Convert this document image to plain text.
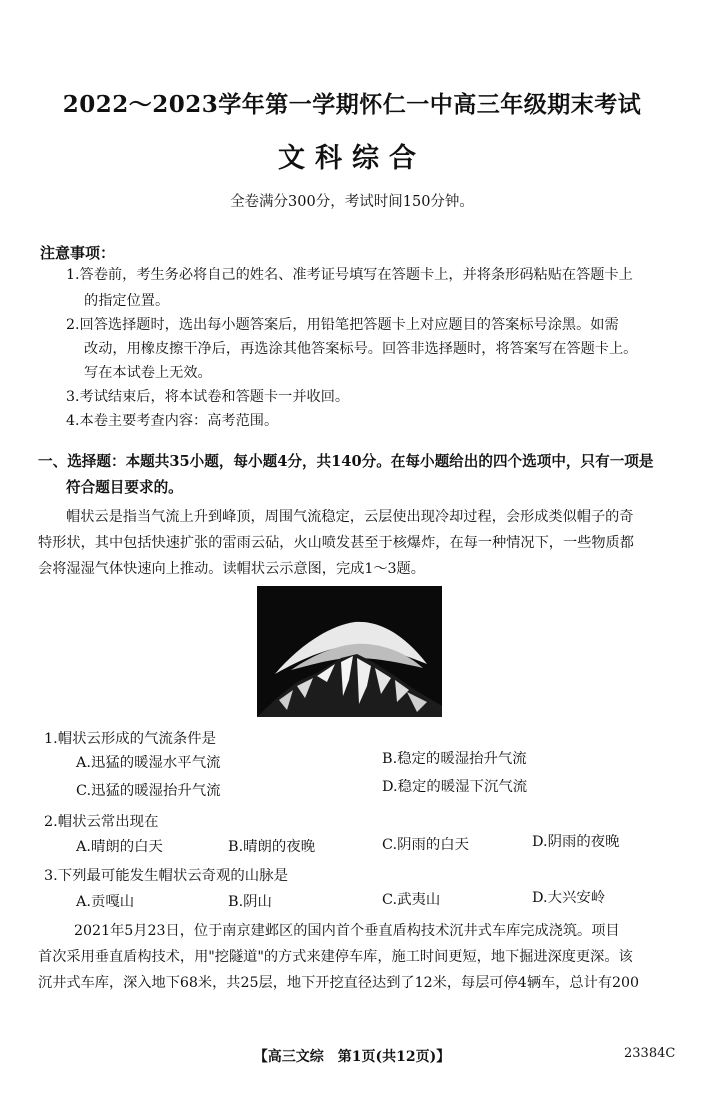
2022～2023学年第一学期怀仁一中高三年级期末考试
文科综合
全卷满分300分，考试时间150分钟。
注意事项：
1.答卷前，考生务必将自己的姓名、准考证号填写在答题卡上，并将条形码粘贴在答题卡上
的指定位置。
2.回答选择题时，选出每小题答案后，用铅笔把答题卡上对应题目的答案标号涂黑。如需
改动，用橡皮擦干净后，再选涂其他答案标号。回答非选择题时，将答案写在答题卡上。
写在本试卷上无效。
3.考试结束后，将本试卷和答题卡一并收回。
4.本卷主要考查内容：高考范围。
一、选择题：本题共35小题，每小题4分，共140分。在每小题给出的四个选项中，只有一项是
符合题目要求的。
帽状云是指当气流上升到峰顶，周围气流稳定，云层使出现冷却过程，会形成类似帽子的奇
特形状，其中包括快速扩张的雷雨云砧，火山喷发甚至于核爆炸，在每一种情况下，一些物质都
会将湿湿气体快速向上推动。读帽状云示意图，完成1～3题。
1.帽状云形成的气流条件是
A.迅猛的暖湿水平气流	B.稳定的暖湿抬升气流
C.迅猛的暖湿抬升气流	D.稳定的暖湿下沉气流
2.帽状云常出现在
A.晴朗的白天	B.晴朗的夜晚	C.阴雨的白天	D.阴雨的夜晚
3.下列最可能发生帽状云奇观的山脉是
A.贡嘎山	B.阴山	C.武夷山	D.大兴安岭
2021年5月23日，位于南京建邺区的国内首个垂直盾构技术沉井式车库完成浇筑。项目
首次采用垂直盾构技术，用"挖隧道"的方式来建停车库，施工时间更短，地下掘进深度更深。该
沉井式车库，深入地下68米，共25层，地下开挖直径达到了12米，每层可停4辆车，总计有200
【高三文综　第1页(共12页)】	23384C
